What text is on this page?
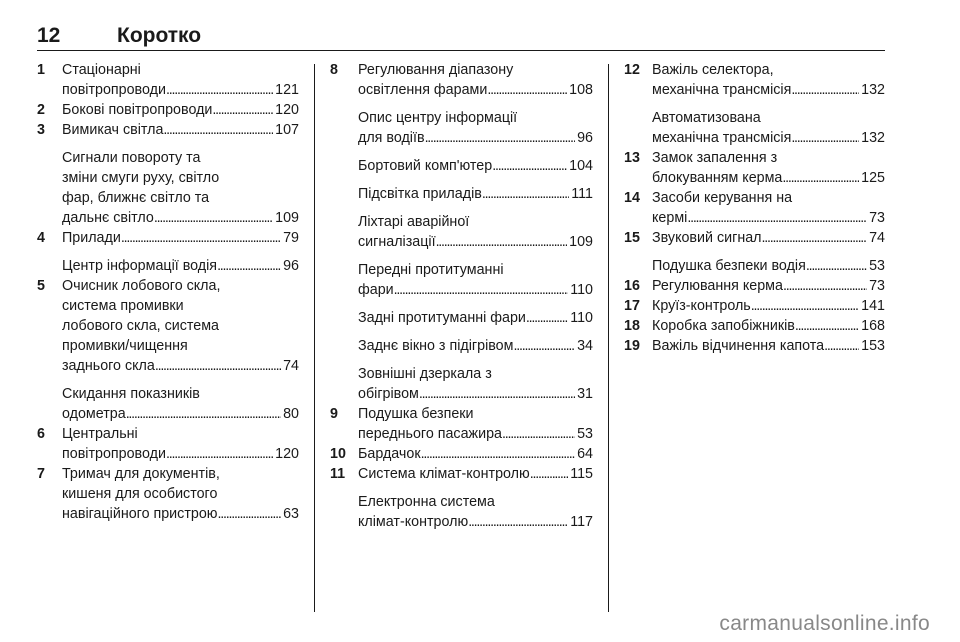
12	Коротко
1	Стаціонарні
повітропроводи . . .	121
2	Бокові повітропроводи . . .	120
3	Вимикач світла . . .	107
Сигнали повороту та
зміни смуги руху, світло
фар, ближнє світло та
дальнє світло . . .	109
4	Прилади . . .	79
Центр інформації водія . . .	96
5	Очисник лобового скла,
система промивки
лобового скла, система
промивки/чищення
заднього скла . . .	74
Скидання показників
одометра . . .	80
6	Центральні
повітропроводи . . .	120
7	Тримач для документів,
кишеня для особистого
навігаційного пристрою . . .	63
8	Регулювання діапазону
освітлення фарами . . .	108
Опис центру інформації
для водіїв . . .	96
Бортовий комп'ютер . . .	104
Підсвітка приладів . . .	111
Ліхтарі аварійної
сигналізації . . .	109
Передні протитуманні
фари . . .	110
Задні протитуманні фари . . .	110
Заднє вікно з підігрівом . . .	34
Зовнішні дзеркала з
обігрівом . . .	31
9	Подушка безпеки
переднього пасажира . . .	53
10 Бардачок . . .	64
11 Система клімат-контролю . . .	115
Електронна система
клімат-контролю . . .	117
12 Важіль селектора,
механічна трансмісія . . .	132
Автоматизована
механічна трансмісія . . .	132
13 Замок запалення з
блокуванням керма . . .	125
14 Засоби керування на
кермі . . .	73
15 Звуковий сигнал . . .	74
Подушка безпеки водія . . .	53
16 Регулювання керма . . .	73
17 Круїз-контроль . . .	141
18 Коробка запобіжників . . .	168
19 Важіль відчинення капота . . .	153
carmanualsonline.info
